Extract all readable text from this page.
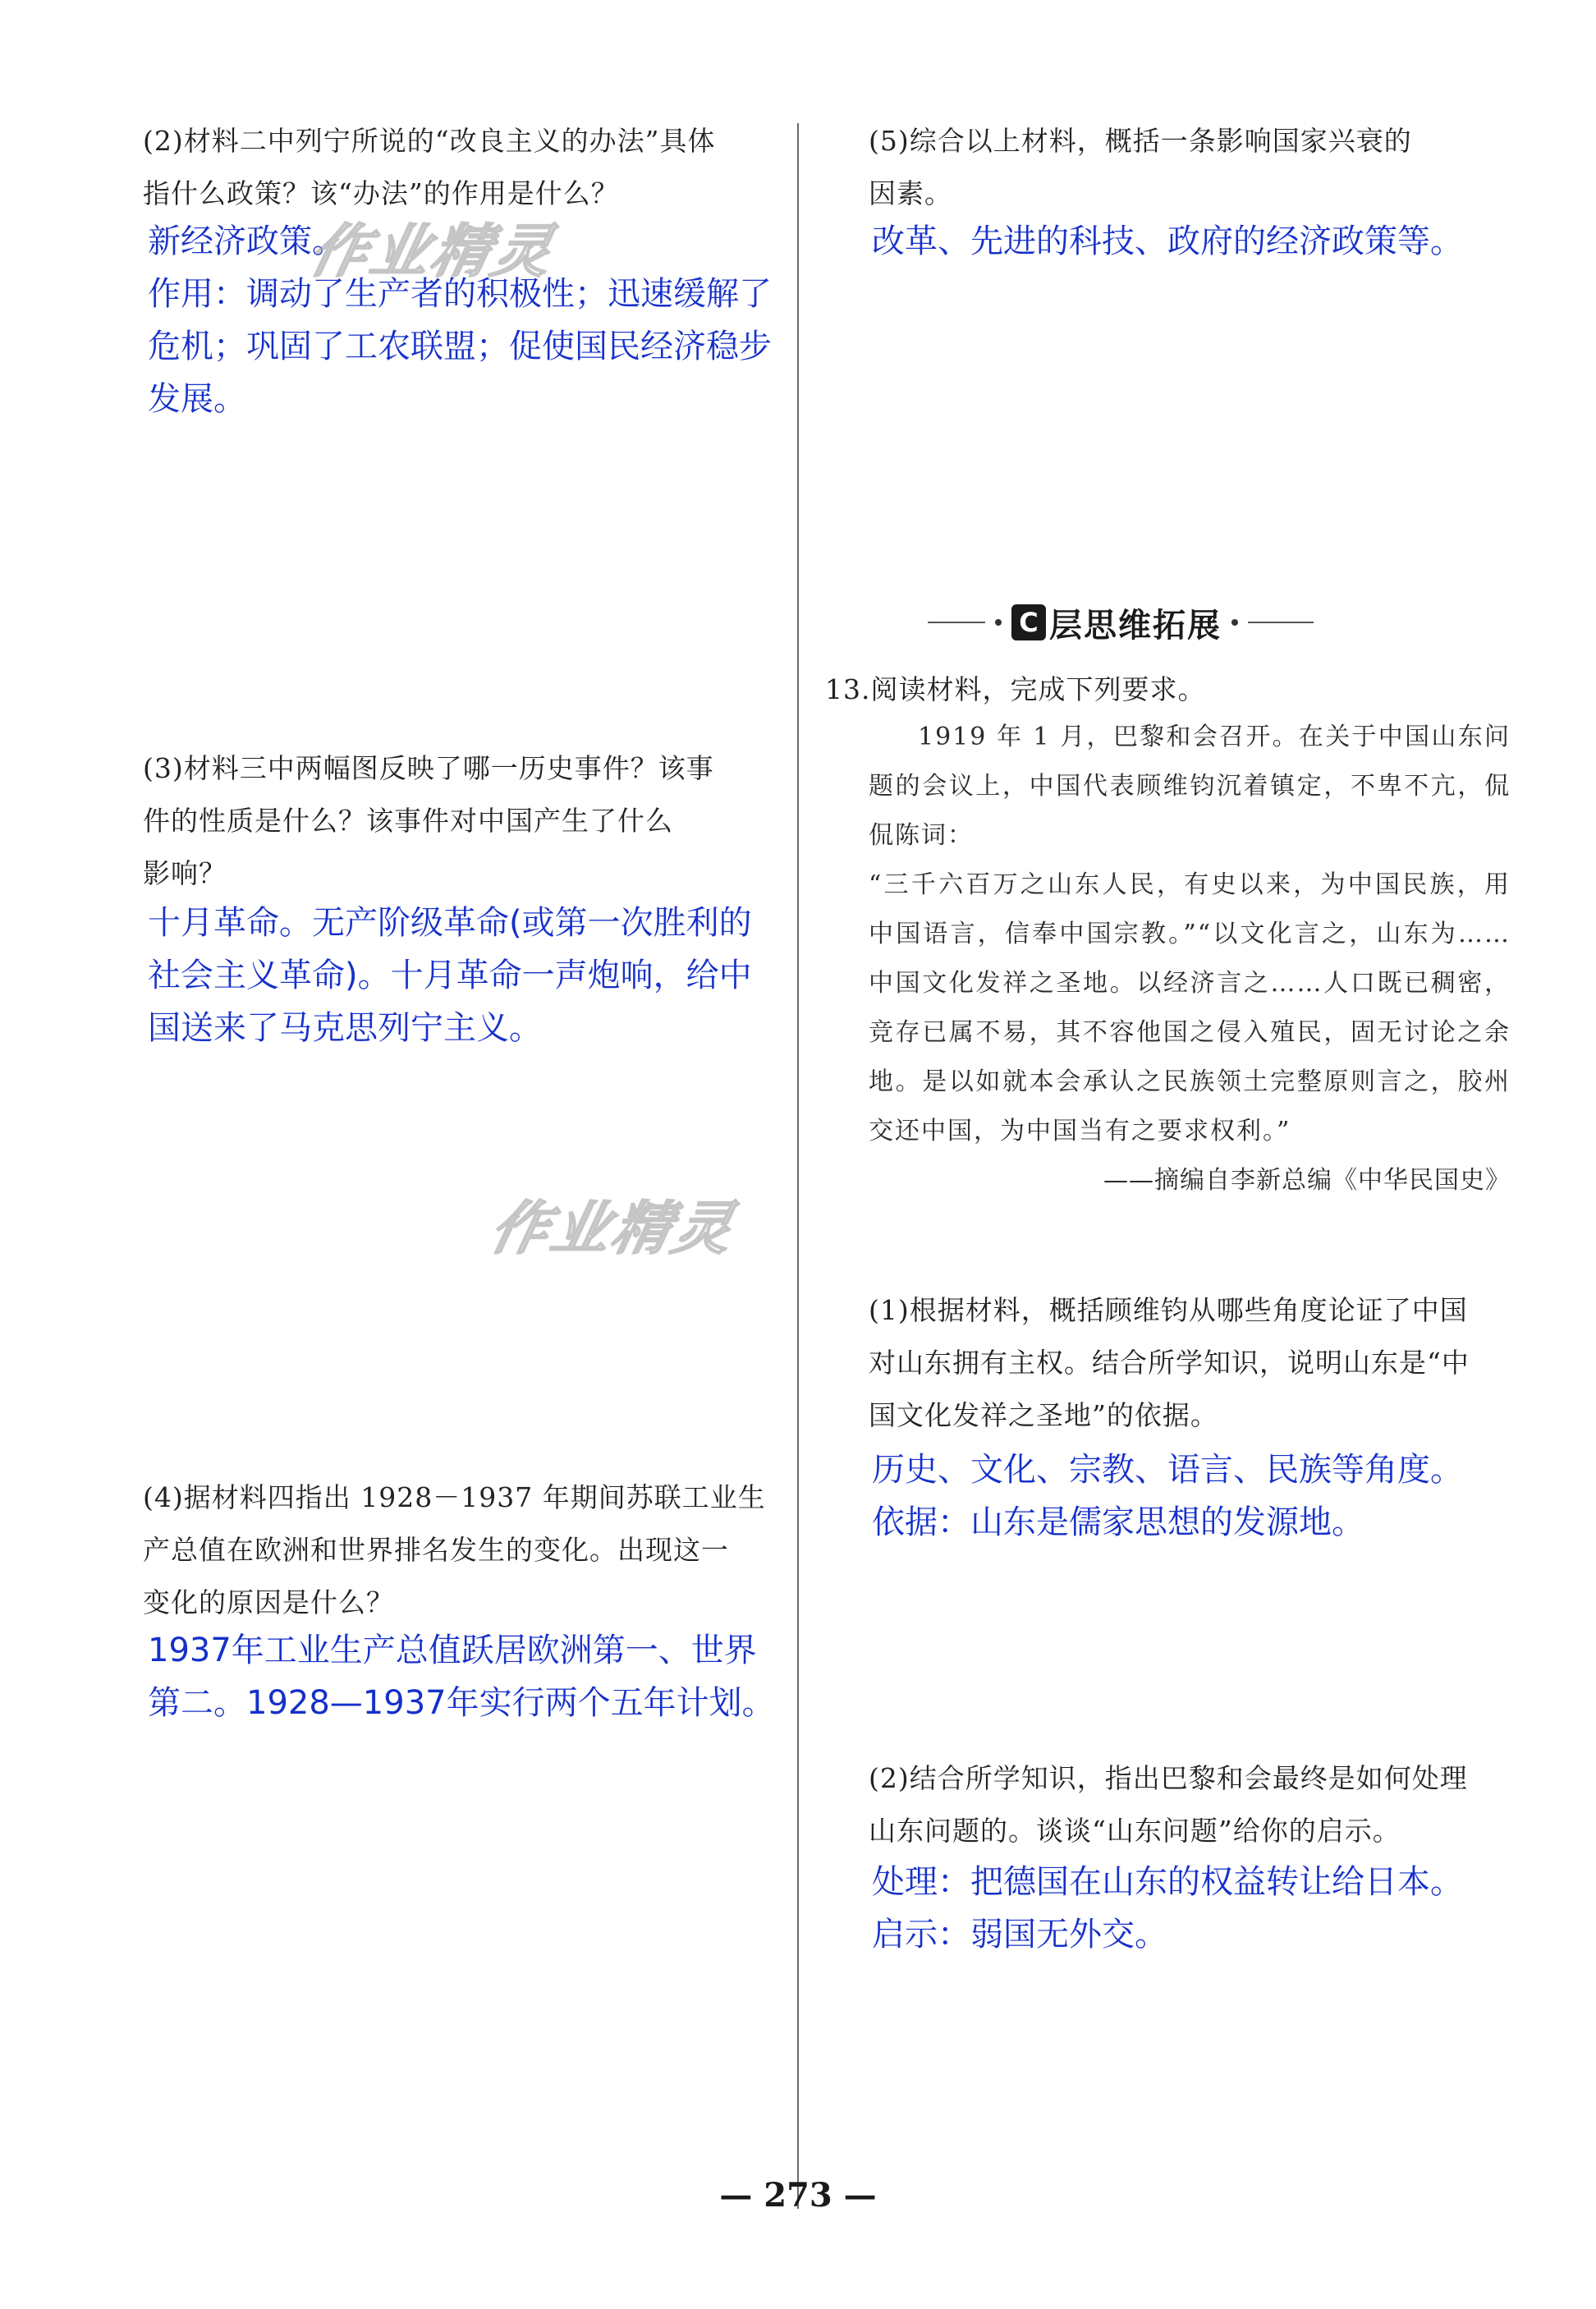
(2)材料二中列宁所说的“改良主义的办法”具体
指什么政策？该“办法”的作用是什么？
新经济政策。
作用：调动了生产者的积极性；迅速缓解了
危机；巩固了工农联盟；促使国民经济稳步
发展。
(3)材料三中两幅图反映了哪一历史事件？该事
件的性质是什么？该事件对中国产生了什么
影响？
十月革命。无产阶级革命(或第一次胜利的
社会主义革命)。十月革命一声炮响，给中
国送来了马克思列宁主义。
(4)据材料四指出 1928－1937 年期间苏联工业生
产总值在欧洲和世界排名发生的变化。出现这一
变化的原因是什么？
1937年工业生产总值跃居欧洲第一、世界
第二。1928—1937年实行两个五年计划。
作业精灵
作业精灵
(5)综合以上材料，概括一条影响国家兴衰的
因素。
改革、先进的科技、政府的经济政策等。
C 层思维拓展
13.阅读材料，完成下列要求。

1919 年 1 月，巴黎和会召开。在关于中国山东问题的会议上，中国代表顾维钧沉着镇定，不卑不亢，侃侃陈词：

“三千六百万之山东人民，有史以来，为中国民族，用中国语言，信奉中国宗教。”“以文化言之，山东为……中国文化发祥之圣地。以经济言之……人口既已稠密，竞存已属不易，其不容他国之侵入殖民，固无讨论之余地。是以如就本会承认之民族领土完整原则言之，胶州交还中国，为中国当有之要求权利。”

——摘编自李新总编《中华民国史》

(1)根据材料，概括顾维钧从哪些角度论证了中国
对山东拥有主权。结合所学知识，说明山东是“中
国文化发祥之圣地”的依据。
历史、文化、宗教、语言、民族等角度。
依据：山东是儒家思想的发源地。
(2)结合所学知识，指出巴黎和会最终是如何处理
山东问题的。谈谈“山东问题”给你的启示。
处理：把德国在山东的权益转让给日本。
启示：弱国无外交。
— 273 —
